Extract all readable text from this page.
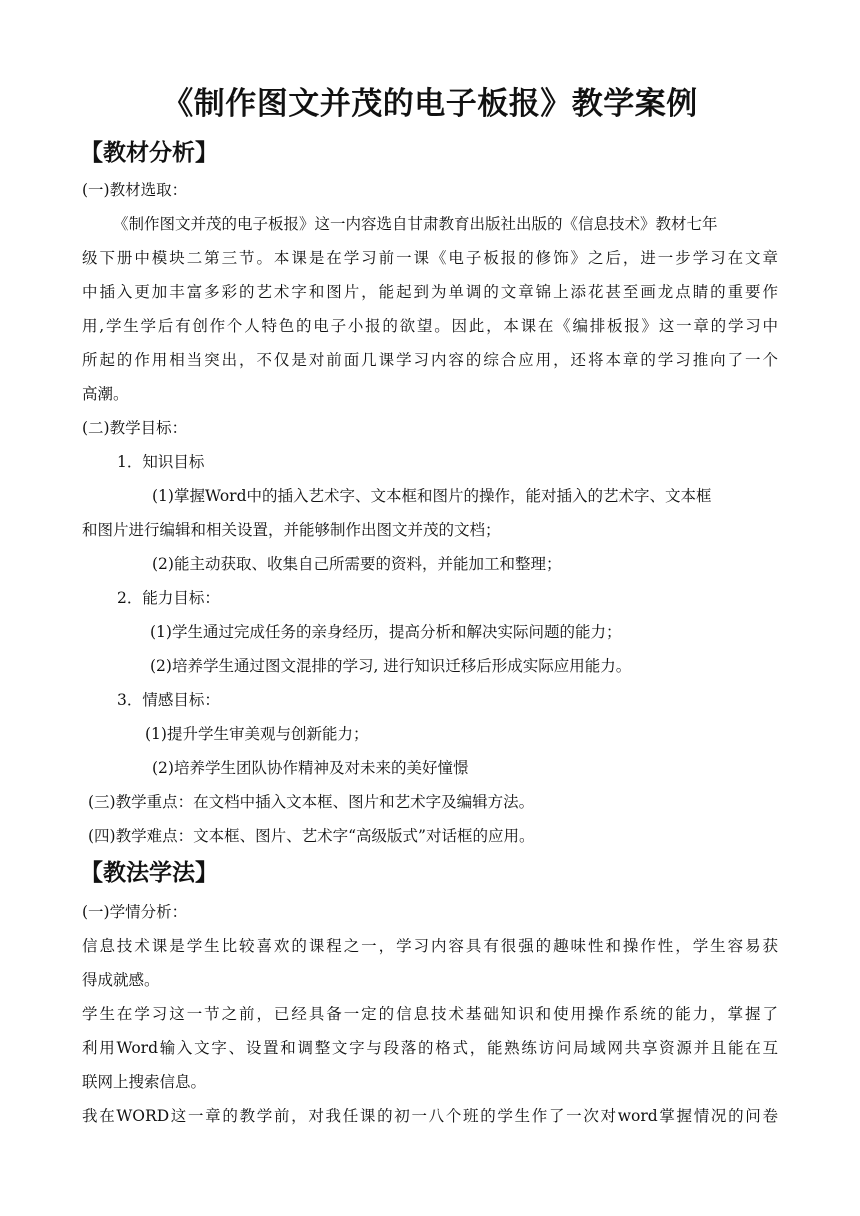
《制作图文并茂的电子板报》教学案例
【教材分析】

(一)教材选取：

《制作图文并茂的电子板报》这一内容选自甘肃教育出版社出版的《信息技术》教材七年

级下册中模块二第三节。本课是在学习前一课《电子板报的修饰》之后，进一步学习在文章

中插入更加丰富多彩的艺术字和图片，能起到为单调的文章锦上添花甚至画龙点睛的重要作

用,学生学后有创作个人特色的电子小报的欲望。因此，本课在《编排板报》这一章的学习中

所起的作用相当突出，不仅是对前面几课学习内容的综合应用，还将本章的学习推向了一个

高潮。

(二)教学目标：

1．知识目标

(1)掌握Word中的插入艺术字、文本框和图片的操作，能对插入的艺术字、文本框

和图片进行编辑和相关设置，并能够制作出图文并茂的文档；

(2)能主动获取、收集自己所需要的资料，并能加工和整理；

2．能力目标：

(1)学生通过完成任务的亲身经历，提高分析和解决实际问题的能力；

(2)培养学生通过图文混排的学习, 进行知识迁移后形成实际应用能力。

3．情感目标：

(1)提升学生审美观与创新能力；

(2)培养学生团队协作精神及对未来的美好憧憬

(三)教学重点：在文档中插入文本框、图片和艺术字及编辑方法。

(四)教学难点：文本框、图片、艺术字“高级版式”对话框的应用。

【教法学法】

(一)学情分析：

信息技术课是学生比较喜欢的课程之一，学习内容具有很强的趣味性和操作性，学生容易获

得成就感。

学生在学习这一节之前，已经具备一定的信息技术基础知识和使用操作系统的能力，掌握了

利用Word输入文字、设置和调整文字与段落的格式，能熟练访问局域网共享资源并且能在互

联网上搜索信息。

我在WORD这一章的教学前，对我任课的初一八个班的学生作了一次对word掌握情况的问卷
